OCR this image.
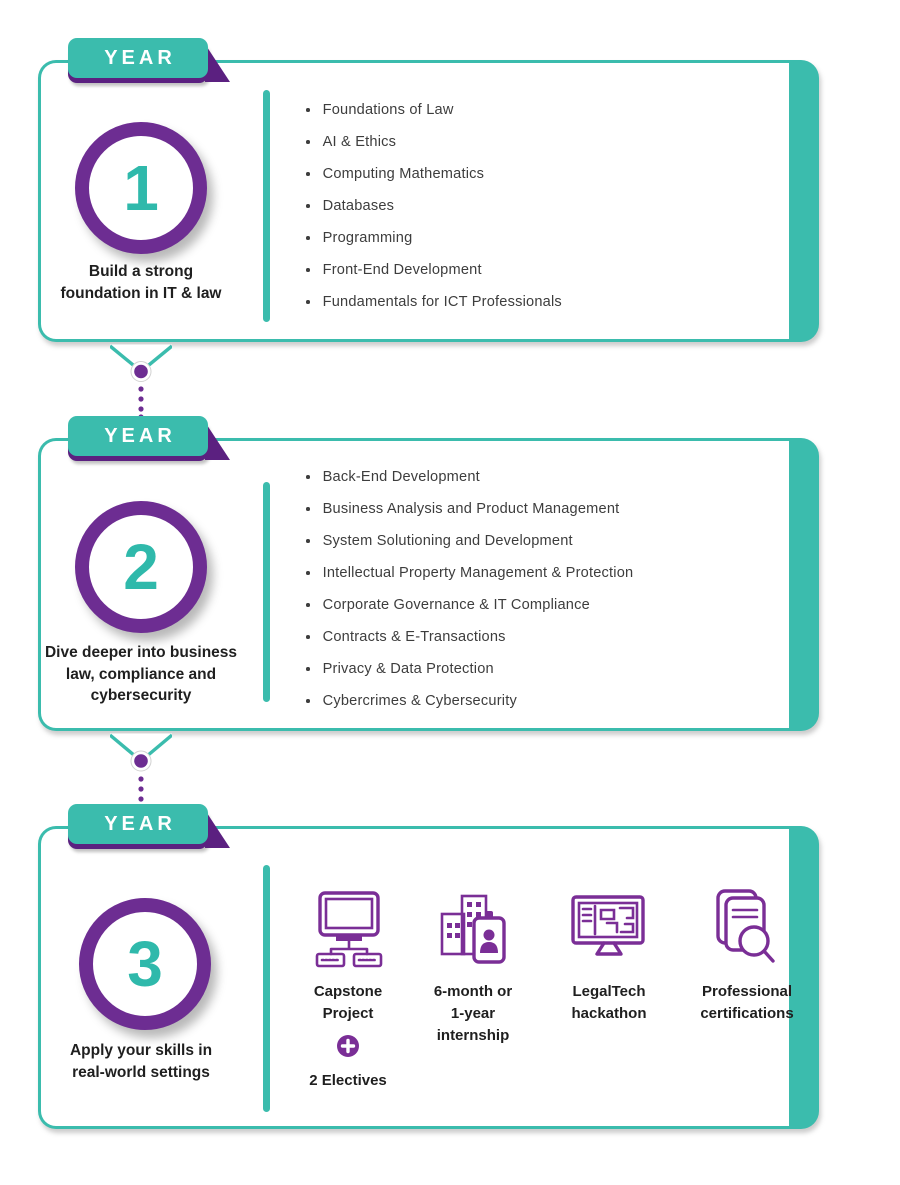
YEAR
1
Build a strong
foundation in IT & law
Foundations of Law
AI & Ethics
Computing Mathematics
Databases
Programming
Front-End Development
Fundamentals for ICT Professionals
YEAR
2
Dive deeper into business
law, compliance and
cybersecurity
Back-End Development
Business Analysis and Product Management
System Solutioning and Development
Intellectual Property Management & Protection
Corporate Governance & IT Compliance
Contracts & E-Transactions
Privacy & Data Protection
Cybercrimes & Cybersecurity
YEAR
3
Apply your skills in
real-world settings
Capstone
Project
2 Electives
6-month or
1-year
internship
LegalTech
hackathon
Professional
certifications
